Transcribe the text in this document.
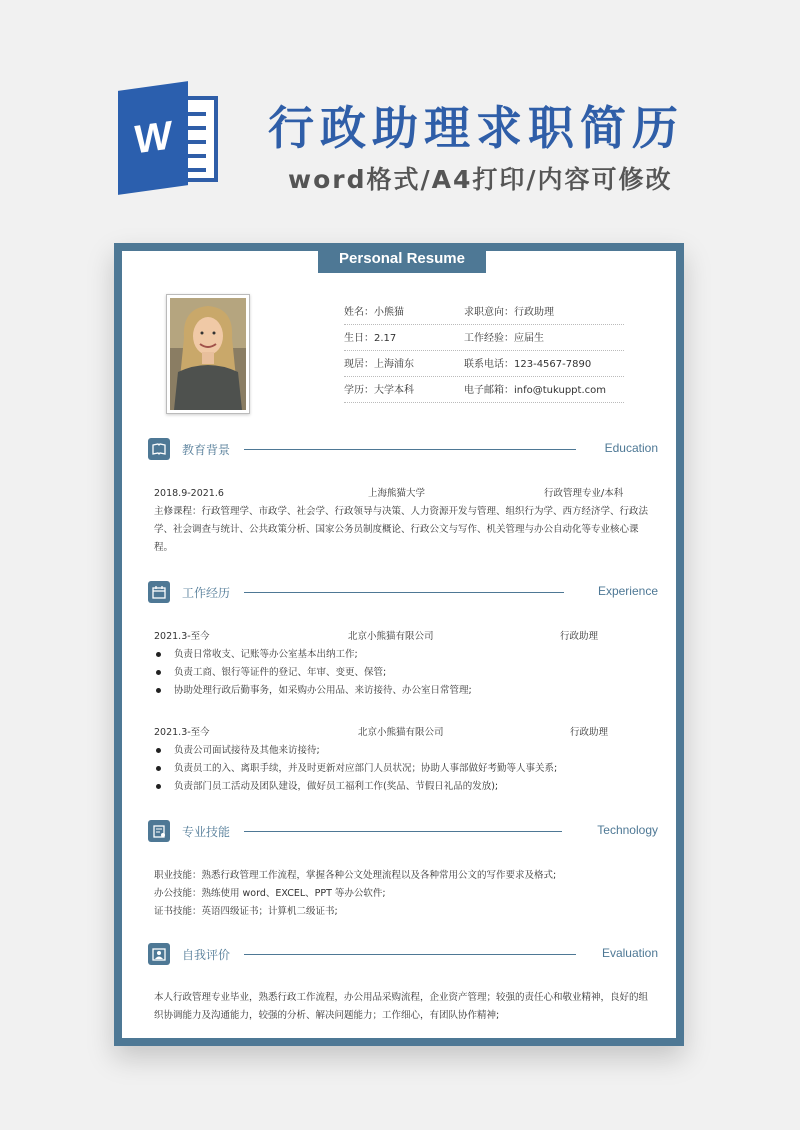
W	行政助理求职简历
word格式/A4打印/内容可修改
Personal Resume
姓名：小熊猫	求职意向：行政助理
生日：2.17	工作经验：应届生
现居：上海浦东	联系电话：123-4567-7890
学历：大学本科	电子邮箱：info@tukuppt.com
教育背景	Education
2018.9-2021.6	上海熊猫大学	行政管理专业/本科
主修课程：行政管理学、市政学、社会学、行政领导与决策、人力资源开发与管理、组织行为学、西方经济学、行政法学、社会调查与统计、公共政策分析、国家公务员制度概论、行政公文与写作、机关管理与办公自动化等专业核心课程。
工作经历	Experience
2021.3-至今	北京小熊猫有限公司	行政助理
负责日常收支、记账等办公室基本出纳工作;
负责工商、银行等证件的登记、年审、变更、保管;
协助处理行政后勤事务，如采购办公用品、来访接待、办公室日常管理;
2021.3-至今	北京小熊猫有限公司	行政助理
负责公司面试接待及其他来访接待;
负责员工的入、离职手续，并及时更新对应部门人员状况；协助人事部做好考勤等人事关系;
负责部门员工活动及团队建设，做好员工福利工作(奖品、节假日礼品的发放);
专业技能	Technology
职业技能：熟悉行政管理工作流程，掌握各种公文处理流程以及各种常用公文的写作要求及格式;
办公技能：熟练使用 word、EXCEL、PPT 等办公软件;
证书技能：英语四级证书；计算机二级证书;
自我评价	Evaluation
本人行政管理专业毕业，熟悉行政工作流程，办公用品采购流程，企业资产管理；较强的责任心和敬业精神，良好的组织协调能力及沟通能力，较强的分析、解决问题能力；工作细心，有团队协作精神;
